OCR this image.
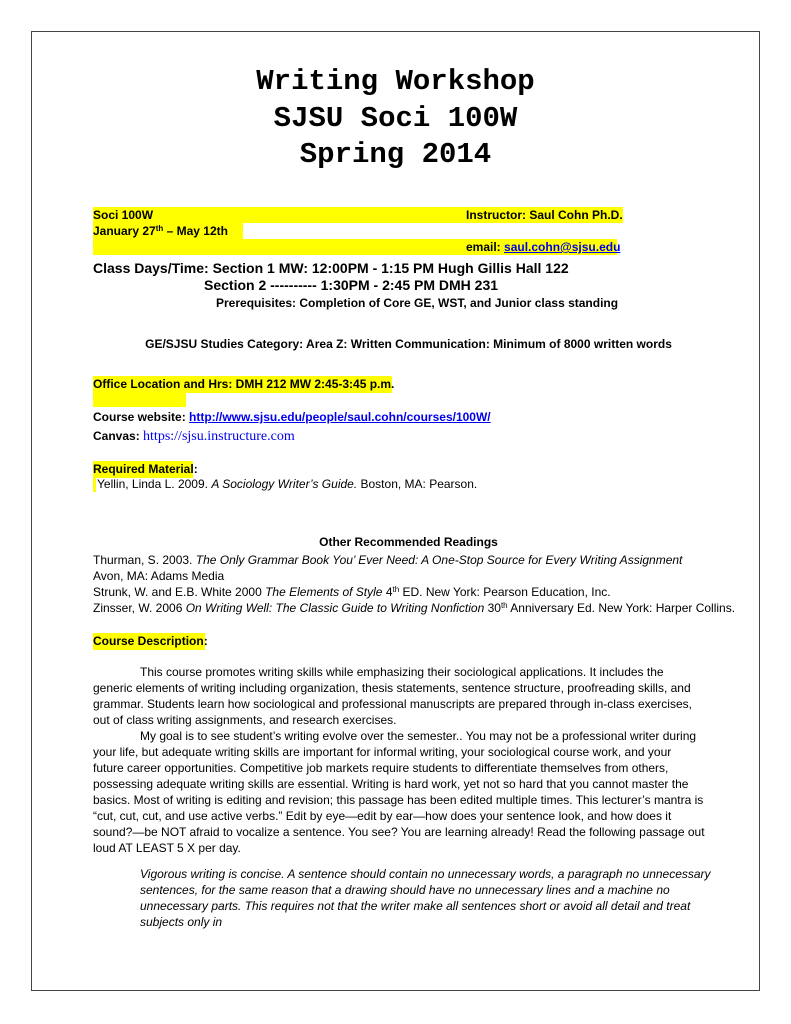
Writing Workshop
SJSU Soci 100W
Spring 2014
Soci 100W	Instructor: Saul Cohn Ph.D.
January 27th – May 12th
email: saul.cohn@sjsu.edu
Class Days/Time: Section 1 MW: 12:00PM - 1:15 PM Hugh Gillis Hall 122
Section 2 ---------- 1:30PM - 2:45 PM DMH 231
Prerequisites: Completion of Core GE, WST, and Junior class standing
GE/SJSU Studies Category: Area Z: Written Communication: Minimum of 8000 written words
Office Location and Hrs: DMH 212 MW 2:45-3:45 p.m.
Course website: http://www.sjsu.edu/people/saul.cohn/courses/100W/
Canvas: https://sjsu.instructure.com
Required Material:
Yellin, Linda L. 2009. A Sociology Writer’s Guide. Boston, MA: Pearson.
Other Recommended Readings
Thurman, S. 2003. The Only Grammar Book You’ Ever Need: A One-Stop Source for Every Writing Assignment
Avon, MA: Adams Media
Strunk, W. and E.B. White 2000 The Elements of Style 4th ED. New York: Pearson Education, Inc.
Zinsser, W. 2006 On Writing Well: The Classic Guide to Writing Nonfiction 30th Anniversary Ed. New York: Harper Collins.
Course Description:
This course promotes writing skills while emphasizing their sociological applications. It includes the generic elements of writing including organization, thesis statements, sentence structure, proofreading skills, and grammar. Students learn how sociological and professional manuscripts are prepared through in-class exercises, out of class writing assignments, and research exercises.
My goal is to see student’s writing evolve over the semester.. You may not be a professional writer during your life, but adequate writing skills are important for informal writing, your sociological course work, and your future career opportunities. Competitive job markets require students to differentiate themselves from others, possessing adequate writing skills are essential. Writing is hard work, yet not so hard that you cannot master the basics. Most of writing is editing and revision; this passage has been edited multiple times. This lecturer’s mantra is “cut, cut, cut, and use active verbs.” Edit by eye—edit by ear—how does your sentence look, and how does it sound?—be NOT afraid to vocalize a sentence. You see? You are learning already! Read the following passage out loud AT LEAST 5 X per day.
Vigorous writing is concise. A sentence should contain no unnecessary words, a paragraph no unnecessary sentences, for the same reason that a drawing should have no unnecessary lines and a machine no unnecessary parts. This requires not that the writer make all sentences short or avoid all detail and treat subjects only in
